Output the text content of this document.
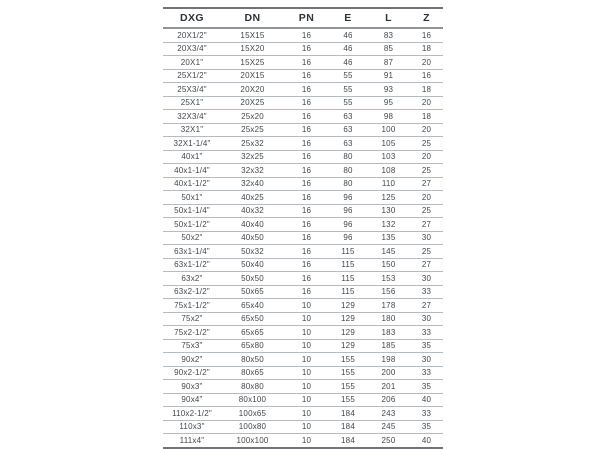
DXG	DN	PN	E	L	Z
20X1/2"	15X15	16	46	83	16
20X3/4"	15X20	16	46	85	18
20X1"	15X25	16	46	87	20
25X1/2"	20X15	16	55	91	16
25X3/4"	20X20	16	55	93	18
25X1"	20X25	16	55	95	20
32X3/4"	25x20	16	63	98	18
32X1"	25x25	16	63	100	20
32X1-1/4"	25x32	16	63	105	25
40x1"	32x25	16	80	103	20
40x1-1/4"	32x32	16	80	108	25
40x1-1/2"	32x40	16	80	110	27
50x1"	40x25	16	96	125	20
50x1-1/4"	40x32	16	96	130	25
50x1-1/2"	40x40	16	96	132	27
50x2"	40x50	16	96	135	30
63x1-1/4"	50x32	16	115	145	25
63x1-1/2"	50x40	16	115	150	27
63x2"	50x50	16	115	153	30
63x2-1/2"	50x65	16	115	156	33
75x1-1/2"	65x40	10	129	178	27
75x2"	65x50	10	129	180	30
75x2-1/2"	65x65	10	129	183	33
75x3"	65x80	10	129	185	35
90x2"	80x50	10	155	198	30
90x2-1/2"	80x65	10	155	200	33
90x3"	80x80	10	155	201	35
90x4"	80x100	10	155	206	40
110x2-1/2"	100x65	10	184	243	33
110x3"	100x80	10	184	245	35
111x4"	100x100	10	184	250	40
